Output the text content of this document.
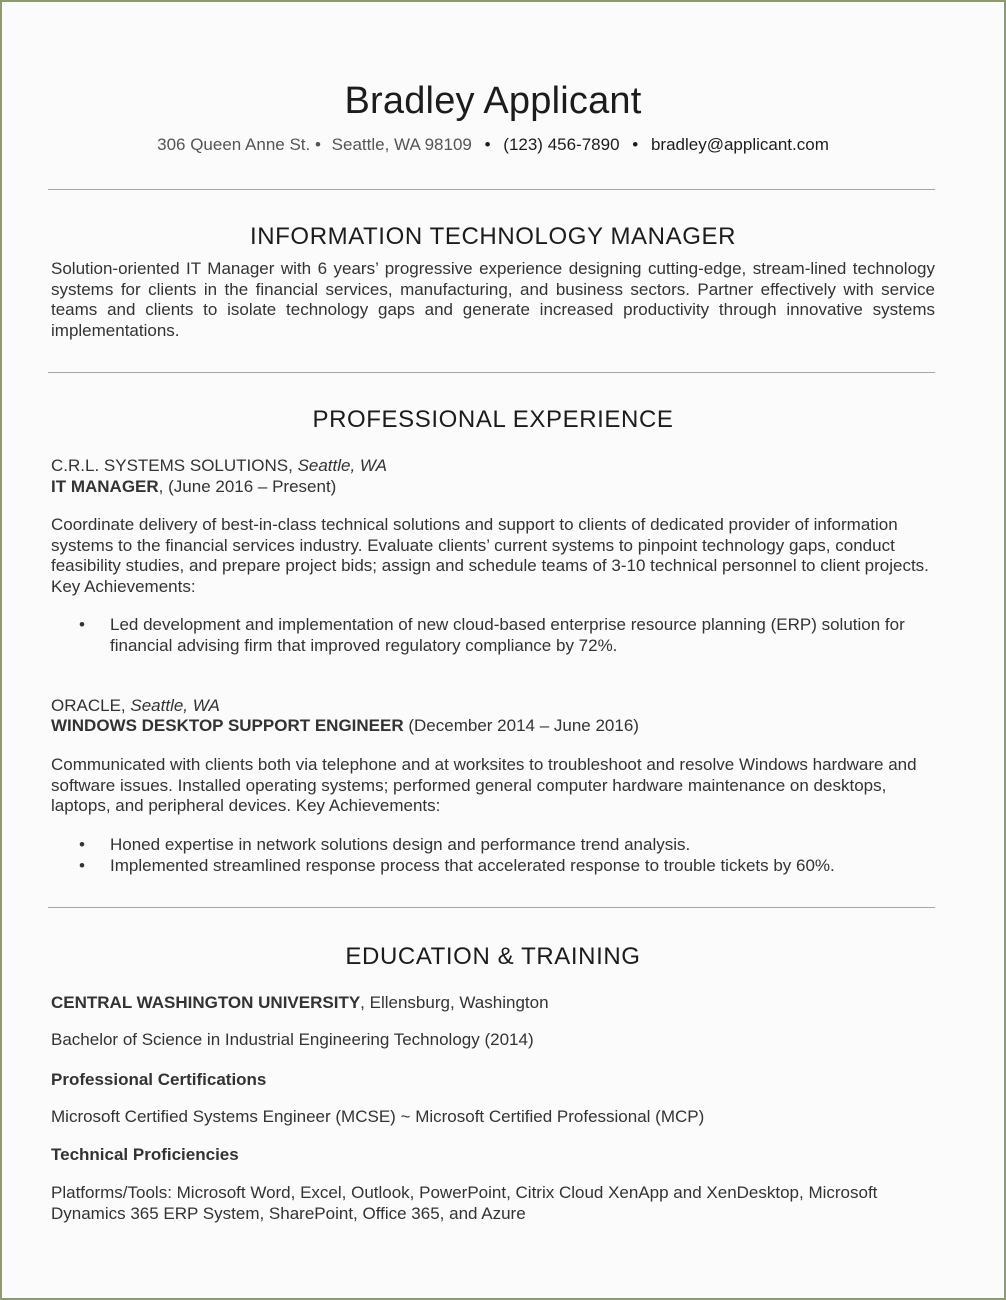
Bradley Applicant
306 Queen Anne St. • Seattle, WA 98109 • (123) 456-7890 • bradley@applicant.com
INFORMATION TECHNOLOGY MANAGER
Solution-oriented IT Manager with 6 years’ progressive experience designing cutting-edge, stream-lined technology systems for clients in the financial services, manufacturing, and business sectors. Partner effectively with service teams and clients to isolate technology gaps and generate increased productivity through innovative systems implementations.
PROFESSIONAL EXPERIENCE
C.R.L. SYSTEMS SOLUTIONS, Seattle, WA
IT MANAGER, (June 2016 – Present)
Coordinate delivery of best-in-class technical solutions and support to clients of dedicated provider of information systems to the financial services industry. Evaluate clients’ current systems to pinpoint technology gaps, conduct feasibility studies, and prepare project bids; assign and schedule teams of 3-10 technical personnel to client projects. Key Achievements:
• Led development and implementation of new cloud-based enterprise resource planning (ERP) solution for financial advising firm that improved regulatory compliance by 72%.
ORACLE, Seattle, WA
WINDOWS DESKTOP SUPPORT ENGINEER (December 2014 – June 2016)
Communicated with clients both via telephone and at worksites to troubleshoot and resolve Windows hardware and software issues. Installed operating systems; performed general computer hardware maintenance on desktops, laptops, and peripheral devices. Key Achievements:
• Honed expertise in network solutions design and performance trend analysis.
• Implemented streamlined response process that accelerated response to trouble tickets by 60%.
EDUCATION & TRAINING
CENTRAL WASHINGTON UNIVERSITY, Ellensburg, Washington
Bachelor of Science in Industrial Engineering Technology (2014)
Professional Certifications
Microsoft Certified Systems Engineer (MCSE) ~ Microsoft Certified Professional (MCP)
Technical Proficiencies
Platforms/Tools: Microsoft Word, Excel, Outlook, PowerPoint, Citrix Cloud XenApp and XenDesktop, Microsoft Dynamics 365 ERP System, SharePoint, Office 365, and Azure
